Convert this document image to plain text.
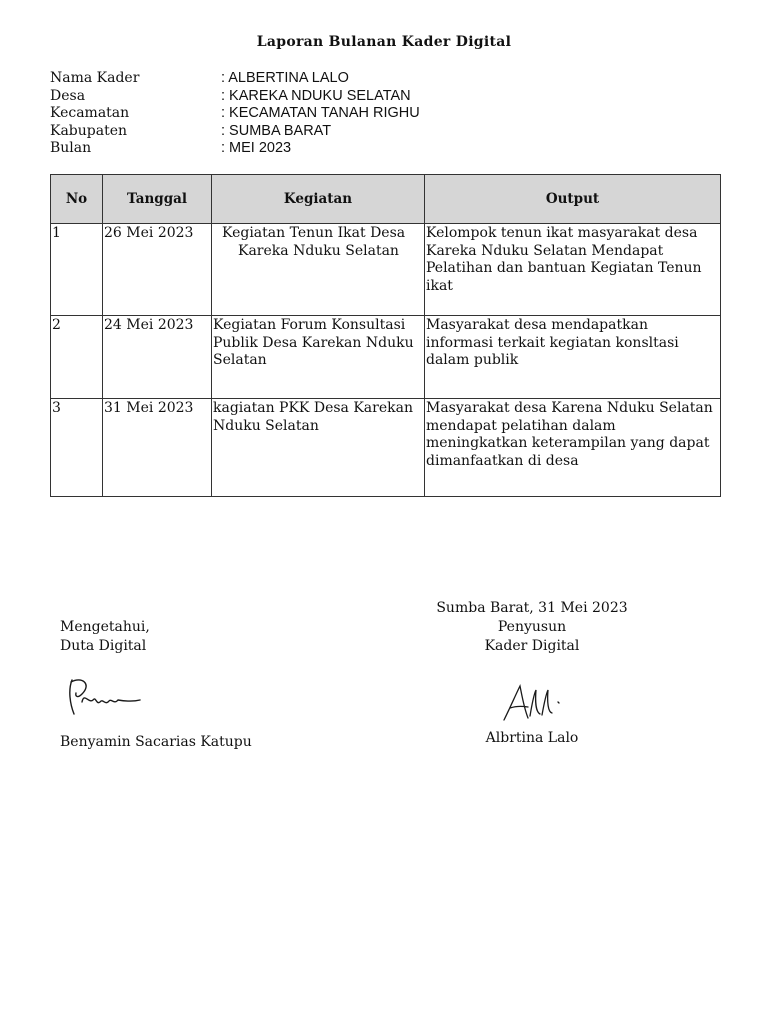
Laporan Bulanan Kader Digital
Nama Kader	: ALBERTINA LALO
Desa	: KAREKA NDUKU SELATAN
Kecamatan	: KECAMATAN TANAH RIGHU
Kabupaten	: SUMBA BARAT
Bulan	: MEI 2023
No	Tanggal	Kegiatan	Output
1	26 Mei 2023	Kegiatan Tenun Ikat Desa Kareka Nduku Selatan	Kelompok tenun ikat masyarakat desa Kareka Nduku Selatan Mendapat Pelatihan dan bantuan Kegiatan Tenun ikat
2	24 Mei 2023	Kegiatan Forum Konsultasi Publik Desa Karekan Nduku Selatan	Masyarakat desa mendapatkan informasi terkait kegiatan konsltasi dalam publik
3	31 Mei 2023	kagiatan PKK Desa Karekan Nduku Selatan	Masyarakat desa Karena Nduku Selatan mendapat pelatihan dalam meningkatkan keterampilan yang dapat dimanfaatkan di desa
Mengetahui,
Duta Digital
Benyamin Sacarias Katupu
Sumba Barat, 31 Mei 2023
Penyusun
Kader Digital
Albrtina Lalo
